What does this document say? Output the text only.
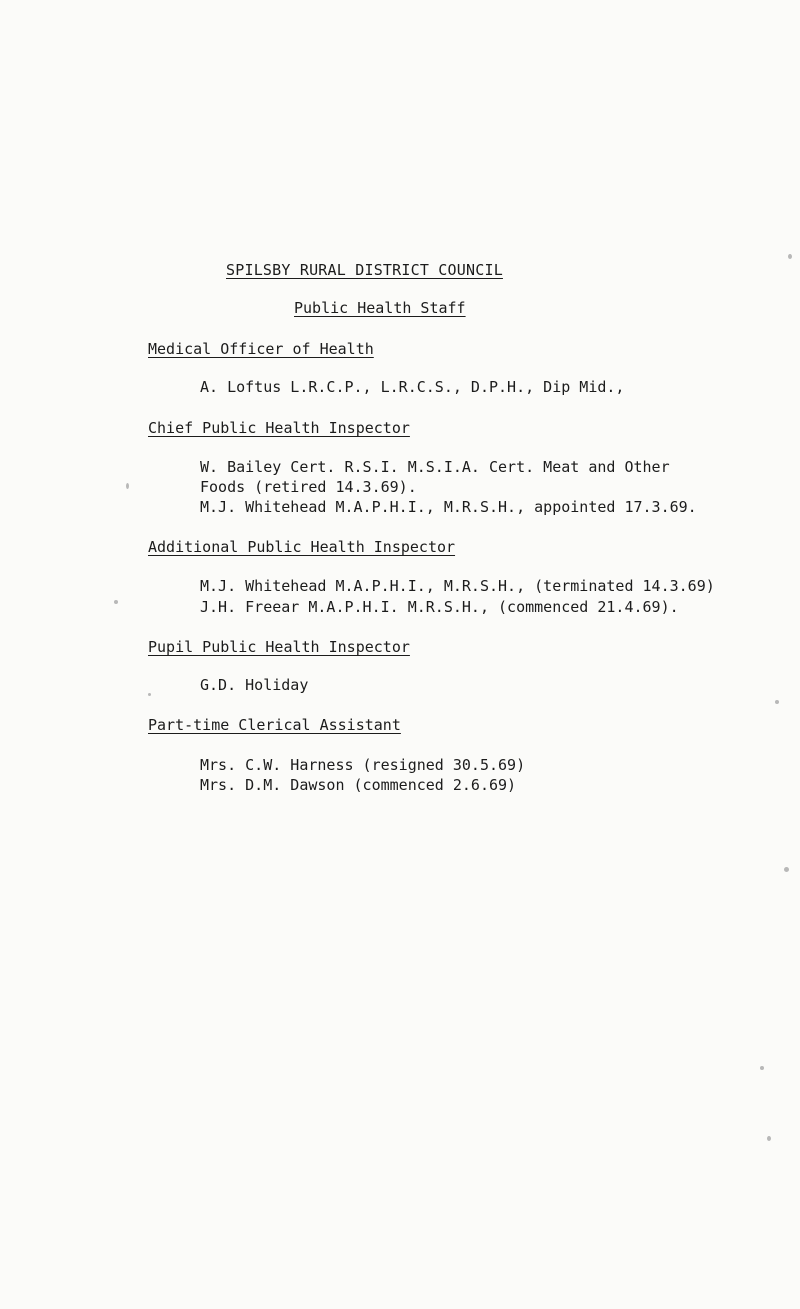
SPILSBY RURAL DISTRICT COUNCIL
Public Health Staff
Medical Officer of Health
A. Loftus L.R.C.P., L.R.C.S., D.P.H., Dip Mid.,
Chief Public Health Inspector
W. Bailey Cert. R.S.I. M.S.I.A. Cert. Meat and Other
Foods (retired 14.3.69).
M.J. Whitehead M.A.P.H.I., M.R.S.H., appointed 17.3.69.
Additional Public Health Inspector
M.J. Whitehead M.A.P.H.I., M.R.S.H., (terminated 14.3.69)
J.H. Freear M.A.P.H.I. M.R.S.H., (commenced 21.4.69).
Pupil Public Health Inspector
G.D. Holiday
Part-time Clerical Assistant
Mrs. C.W. Harness (resigned 30.5.69)
Mrs. D.M. Dawson (commenced 2.6.69)
